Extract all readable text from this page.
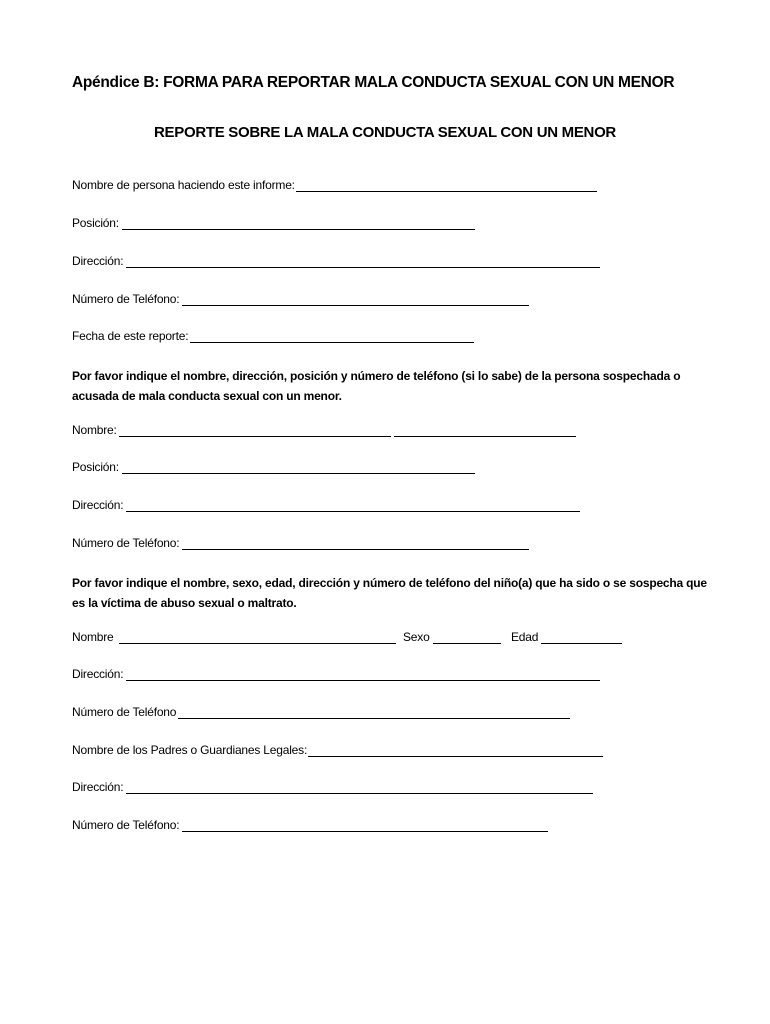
Apéndice B: FORMA PARA REPORTAR MALA CONDUCTA SEXUAL CON UN MENOR
REPORTE SOBRE LA MALA CONDUCTA SEXUAL CON UN MENOR
Nombre de persona haciendo este informe:
Posición:
Dirección:
Número de Teléfono:
Fecha de este reporte:
Por favor indique el nombre, dirección, posición y número de teléfono (si lo sabe) de la persona sospechada o acusada de mala conducta sexual con un menor.
Nombre:
Posición:
Dirección:
Número de Teléfono:
Por favor indique el nombre, sexo, edad, dirección y número de teléfono del niño(a) que ha sido o se sospecha que es la víctima de abuso sexual o maltrato.
Nombre	Sexo	Edad
Dirección:
Número de Teléfono
Nombre de los Padres o Guardianes Legales:
Dirección:
Número de Teléfono:
